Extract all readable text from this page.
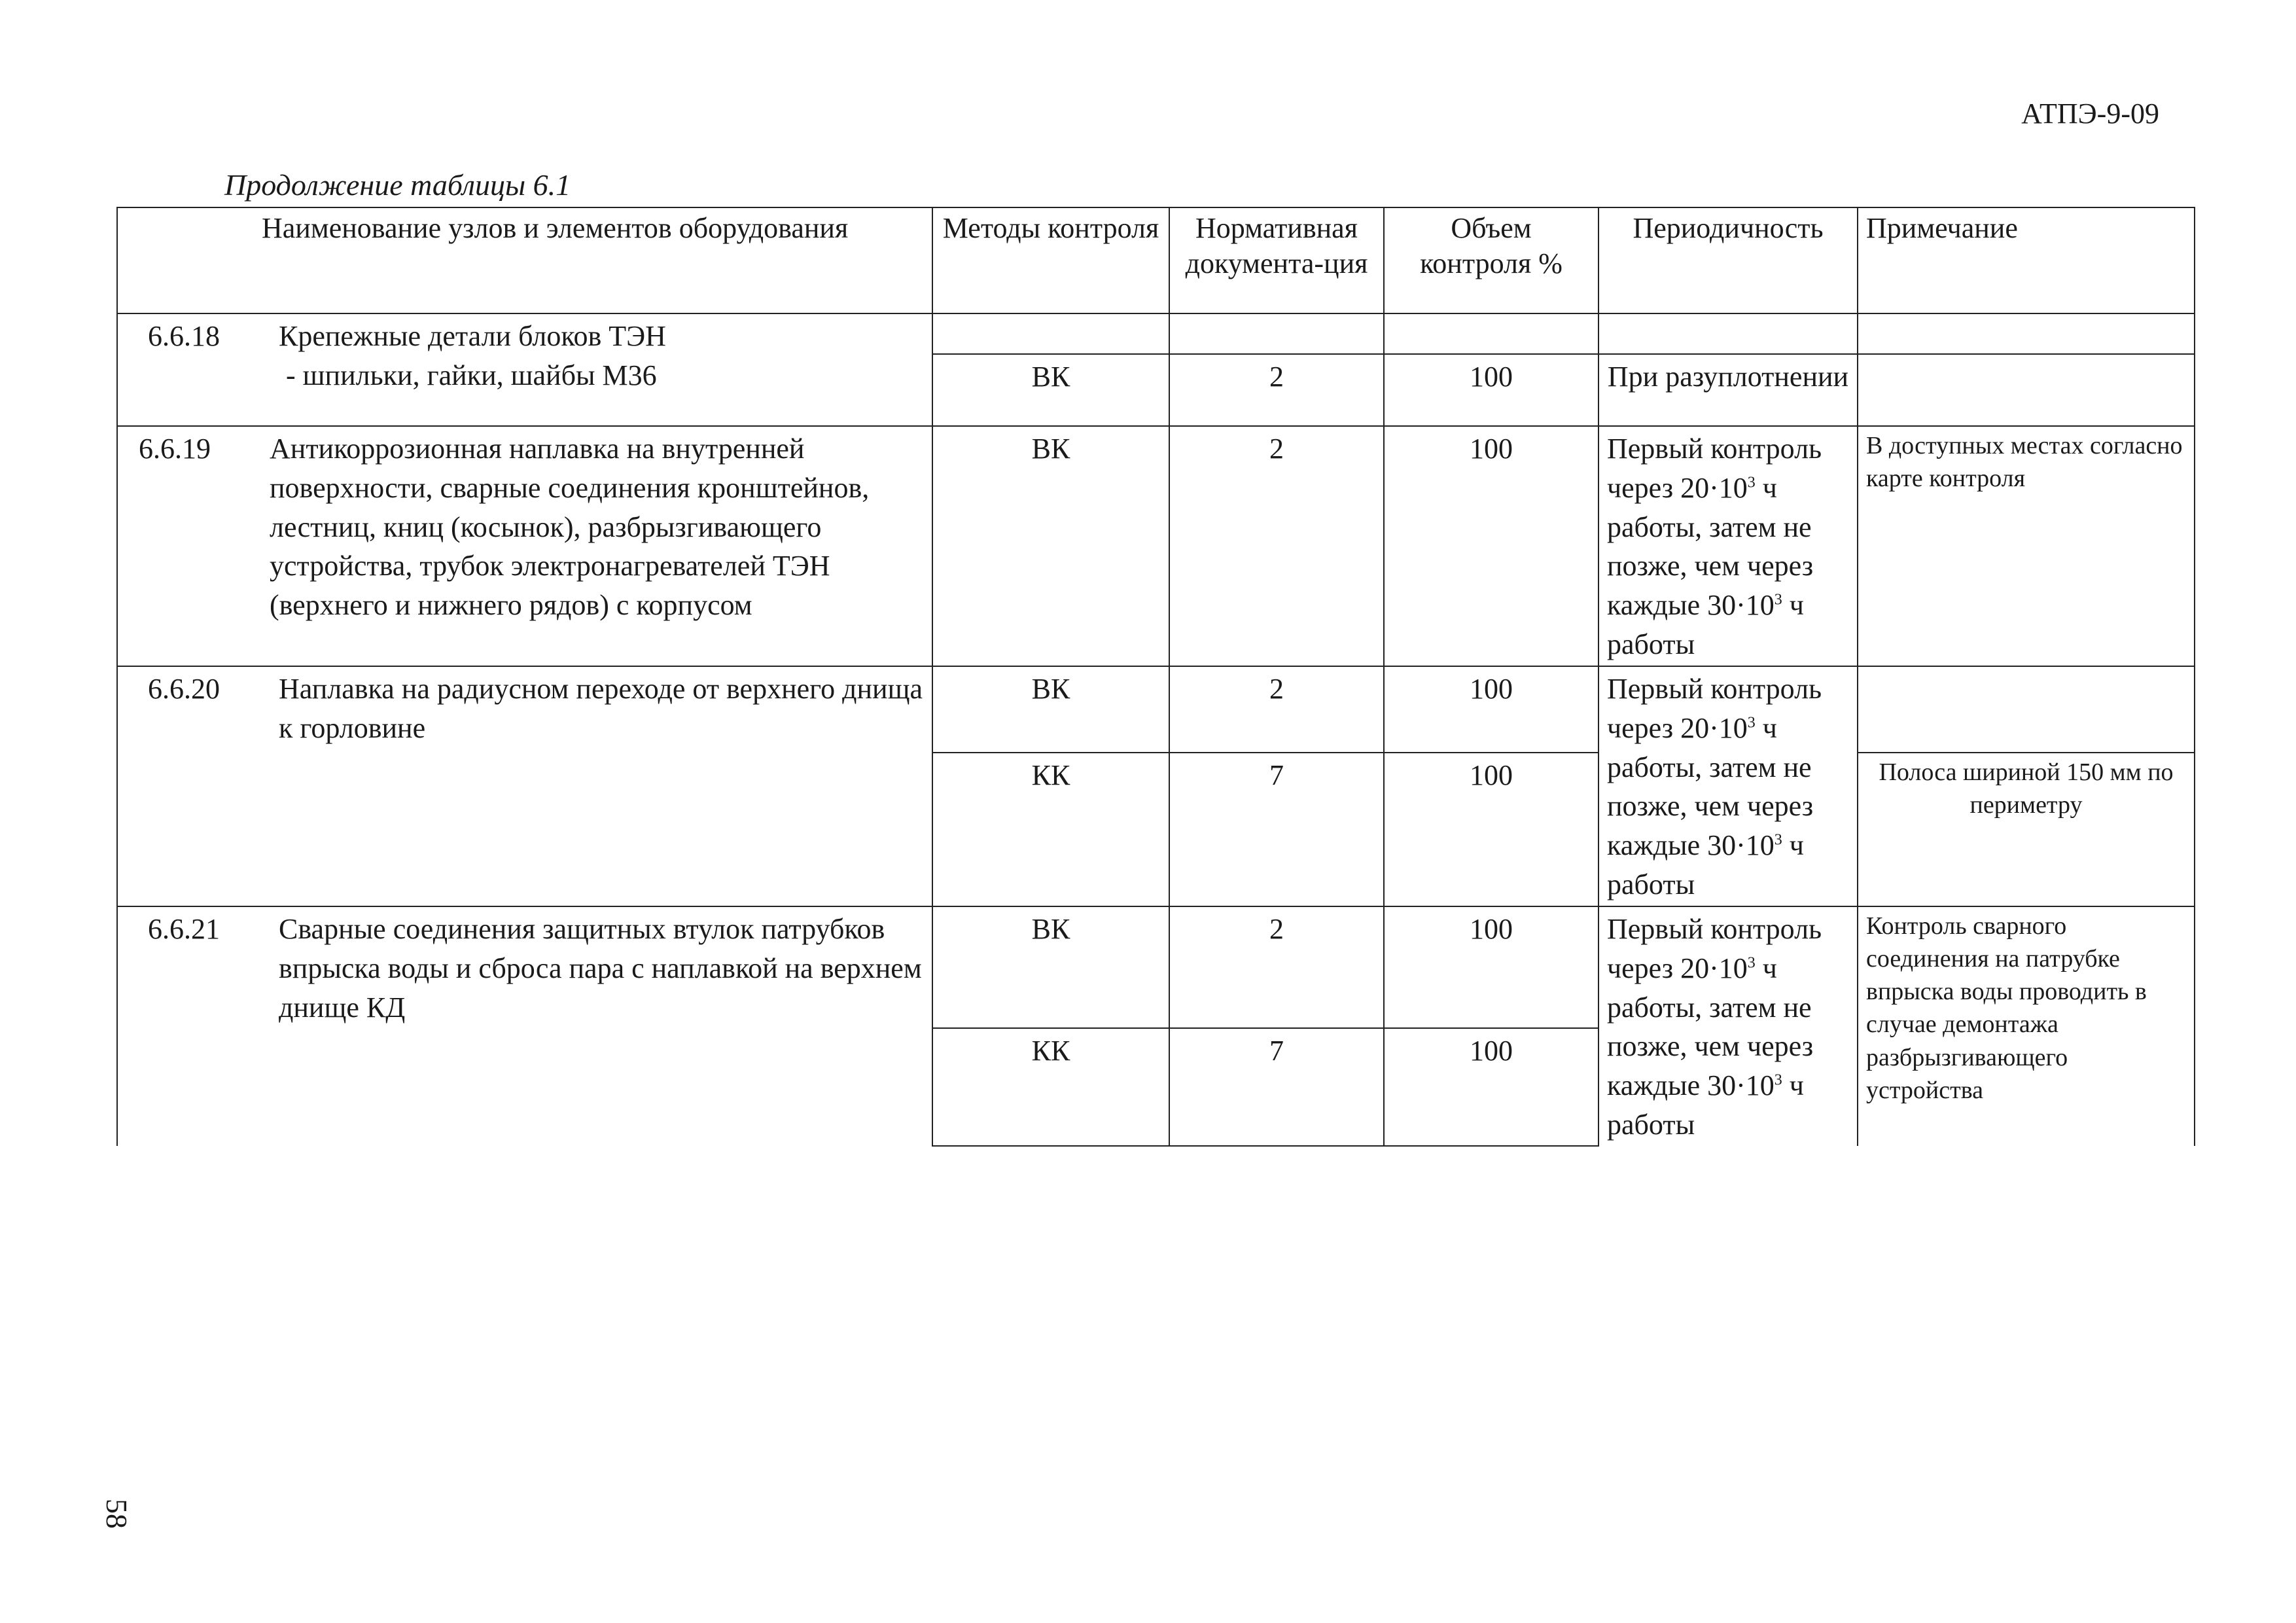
АТПЭ-9-09
Продолжение таблицы 6.1
Наименование узлов и элементов оборудования	Методы контроля	Нормативная документа-ция	Объем контроля %	Периодичность	Примечание

6.6.18 Крепежные детали блоков ТЭН
- шпильки, гайки, шайбы М36					

	ВК	2	100	При разуплотнении	

6.6.19 Антикоррозионная наплавка на внутренней поверхности, сварные соединения кронштейнов, лестниц, книц (косынок), разбрызгивающего устройства, трубок электронагревателей ТЭН (верхнего и нижнего рядов) с корпусом	ВК	2	100	Первый контроль через $20\cdot 10^3$ ч работы, затем не позже, чем через каждые $30\cdot 10^3$ ч работы	В доступных местах согласно карте контроля

6.6.20 Наплавка на радиусном переходе от верхнего днища к горловине	ВК	2	100	Первый контроль через $20\cdot 10^3$ ч работы, затем не позже, чем через каждые $30\cdot 10^3$ ч работы	
	КК	7	100		Полоса шириной 150 мм по периметру

6.6.21 Сварные соединения защитных втулок патрубков впрыска воды и сброса пара с наплавкой на верхнем днище КД	ВК	2	100	Первый контроль через $20\cdot 10^3$ ч работы, затем не позже, чем через каждые $30\cdot 10^3$ ч работы	Контроль сварного соединения на патрубке впрыска воды проводить в случае демонтажа разбрызгивающего устройства
	КК	7	100		
58
